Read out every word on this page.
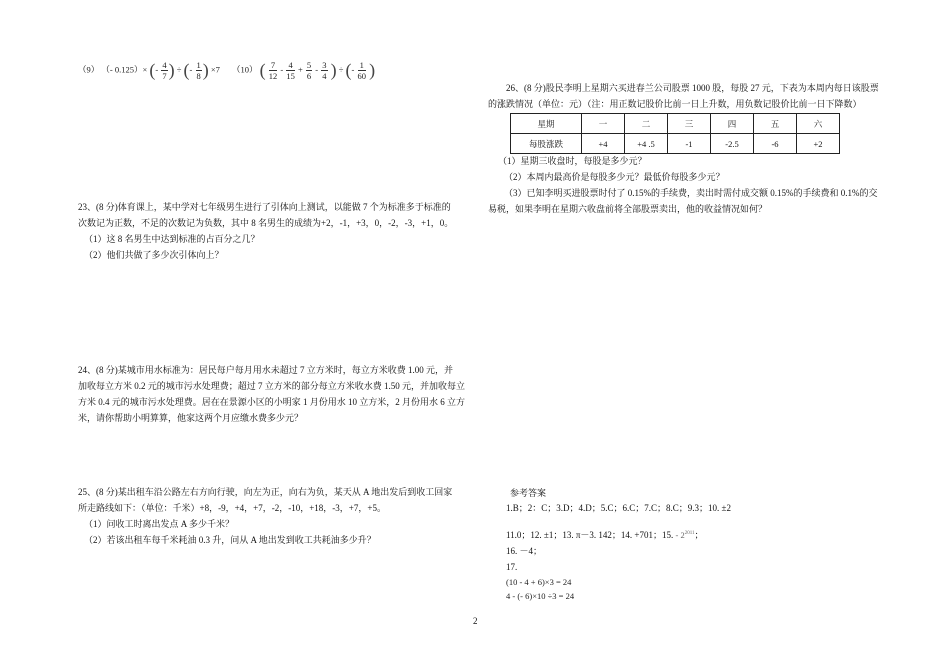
（9） （- 0.125）× (- $\frac{4}{7}$ ) ÷ (- $\frac{1}{8}$ ) ×7 （10） ( $\frac{7}{12} - \frac{4}{15} + \frac{5}{6} - \frac{3}{4}$ ) ÷ (- $\frac{1}{60}$ )
23、(8 分)体育课上，某中学对七年级男生进行了引体向上测试，以能做 7 个为标准多于标准的
次数记为正数，不足的次数记为负数，其中 8 名男生的成绩为+2，-1，+3，0，-2，-3，+1，0。
（1）这 8 名男生中达到标准的占百分之几？
（2）他们共做了多少次引体向上？
24、(8 分)某城市用水标准为：居民每户每月用水未超过 7 立方米时，每立方米收费 1.00 元，并
加收每立方米 0.2 元的城市污水处理费；超过 7 立方米的部分每立方米收水费 1.50 元，并加收每立
方米 0.4 元的城市污水处理费。居在在景源小区的小明家 1 月份用水 10 立方米，2 月份用水 6 立方
米，请你帮助小明算算，他家这两个月应缴水费多少元？
25、(8 分)某出租车沿公路左右方向行驶，向左为正，向右为负，某天从 A 地出发后到收工回家
所走路线如下：（单位：千米）+8，-9，+4，+7，-2，-10，+18，-3，+7，+5。
（1）问收工时离出发点 A 多少千米？
（2）若该出租车每千米耗油 0.3 升，问从 A 地出发到收工共耗油多少升？
26、(8 分)股民李明上星期六买进春兰公司股票 1000 股，每股 27 元，下表为本周内每日该股票
的涨跌情况（单位：元）（注：用正数记股价比前一日上升数，用负数记股价比前一日下降数）
星期	一	二	三	四	五	六
每股涨跌	+4	+4 .5	-1	-2.5	-6	+2
（1）星期三收盘时，每股是多少元？
（2）本周内最高价是每股多少元？最低价每股多少元？
（3）已知李明买进股票时付了 0.15%的手续费，卖出时需付成交额 0.15%的手续费和 0.1%的交
易税，如果李明在星期六收盘前将全部股票卖出，他的收益情况如何？
参考答案
1.B；2：C；3.D；4.D；5.C；6.C；7.C；8.C；9.3；10. ±2
11.0；12. ±1；13. π－3. 142；14. +701；15. - $2^{2011}$；
16. －4；
17.
(10 - 4 + 6)×3 = 24
4 - (- 6)×10 ÷3 = 24
2
